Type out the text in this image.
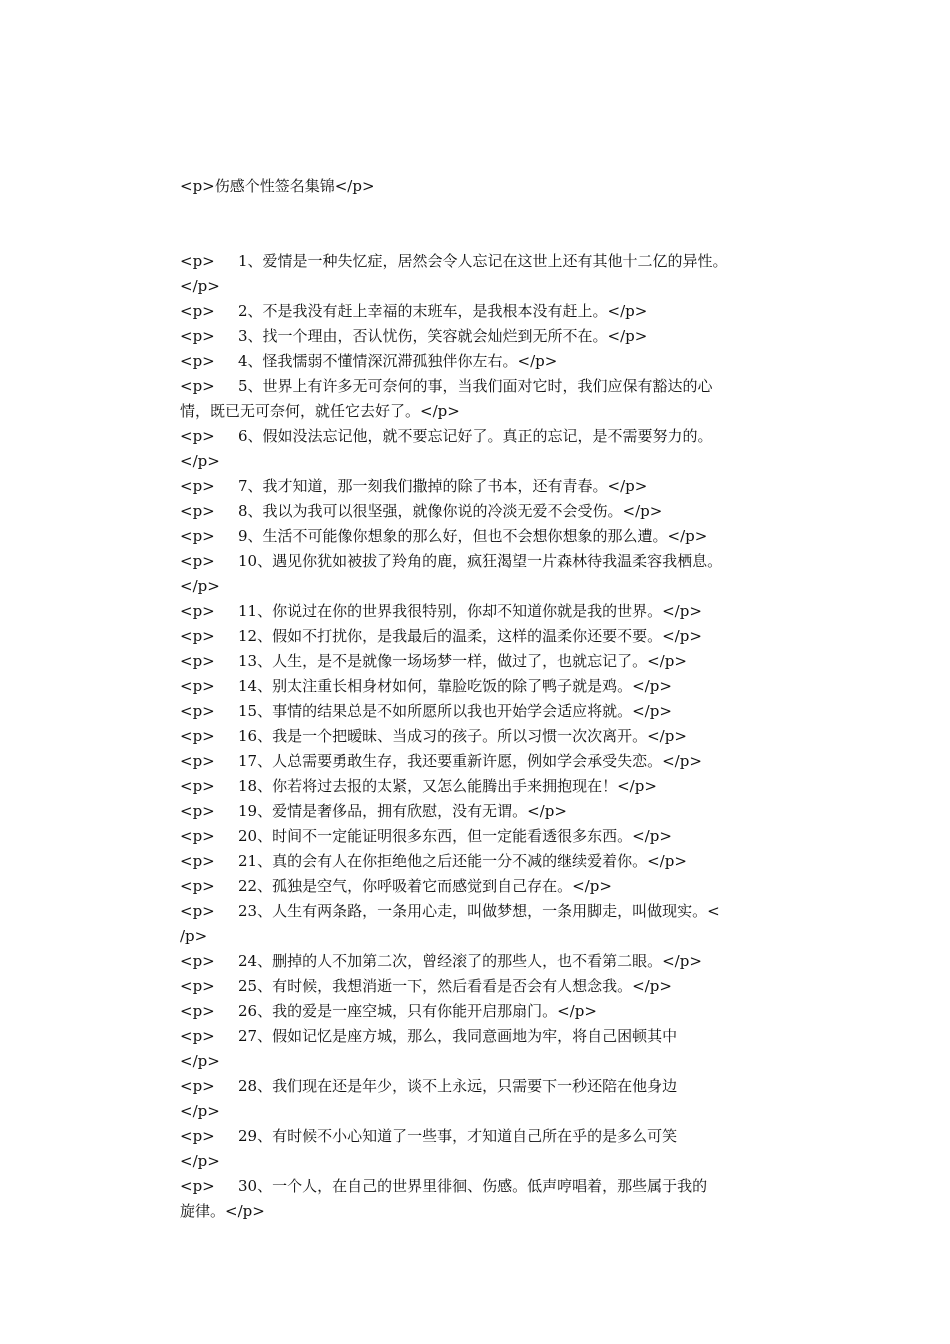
<p>伤感个性签名集锦</p>
<p> 1、爱情是一种失忆症，居然会令人忘记在这世上还有其他十二亿的异性。
</p>
<p> 2、不是我没有赶上幸福的末班车，是我根本没有赶上。</p>
<p> 3、找一个理由，否认忧伤，笑容就会灿烂到无所不在。</p>
<p> 4、怪我懦弱不懂情深沉滞孤独伴你左右。</p>
<p> 5、世界上有许多无可奈何的事，当我们面对它时，我们应保有豁达的心
情，既已无可奈何，就任它去好了。</p>
<p> 6、假如没法忘记他，就不要忘记好了。真正的忘记，是不需要努力的。
</p>
<p> 7、我才知道，那一刻我们撒掉的除了书本，还有青春。</p>
<p> 8、我以为我可以很坚强，就像你说的冷淡无爱不会受伤。</p>
<p> 9、生活不可能像你想象的那么好，但也不会想你想象的那么遭。</p>
<p> 10、遇见你犹如被拔了羚角的鹿，疯狂渴望一片森林待我温柔容我栖息。
</p>
<p> 11、你说过在你的世界我很特别，你却不知道你就是我的世界。</p>
<p> 12、假如不打扰你，是我最后的温柔，这样的温柔你还要不要。</p>
<p> 13、人生，是不是就像一场场梦一样，做过了，也就忘记了。</p>
<p> 14、别太注重长相身材如何，靠脸吃饭的除了鸭子就是鸡。</p>
<p> 15、事情的结果总是不如所愿所以我也开始学会适应将就。</p>
<p> 16、我是一个把暧昧、当成习的孩子。所以习惯一次次离开。</p>
<p> 17、人总需要勇敢生存，我还要重新许愿，例如学会承受失恋。</p>
<p> 18、你若将过去报的太紧，又怎么能腾出手来拥抱现在！</p>
<p> 19、爱情是奢侈品，拥有欣慰，没有无谓。</p>
<p> 20、时间不一定能证明很多东西，但一定能看透很多东西。</p>
<p> 21、真的会有人在你拒绝他之后还能一分不减的继续爱着你。</p>
<p> 22、孤独是空气，你呼吸着它而感觉到自己存在。</p>
<p> 23、人生有两条路，一条用心走，叫做梦想，一条用脚走，叫做现实。<
/p>
<p> 24、删掉的人不加第二次，曾经滚了的那些人，也不看第二眼。</p>
<p> 25、有时候，我想消逝一下，然后看看是否会有人想念我。</p>
<p> 26、我的爱是一座空城，只有你能开启那扇门。</p>
<p> 27、假如记忆是座方城，那么，我同意画地为牢，将自己困顿其中
</p>
<p> 28、我们现在还是年少，谈不上永远，只需要下一秒还陪在他身边
</p>
<p> 29、有时候不小心知道了一些事，才知道自己所在乎的是多么可笑
</p>
<p> 30、一个人，在自己的世界里徘徊、伤感。低声哼唱着，那些属于我的
旋律。</p>
